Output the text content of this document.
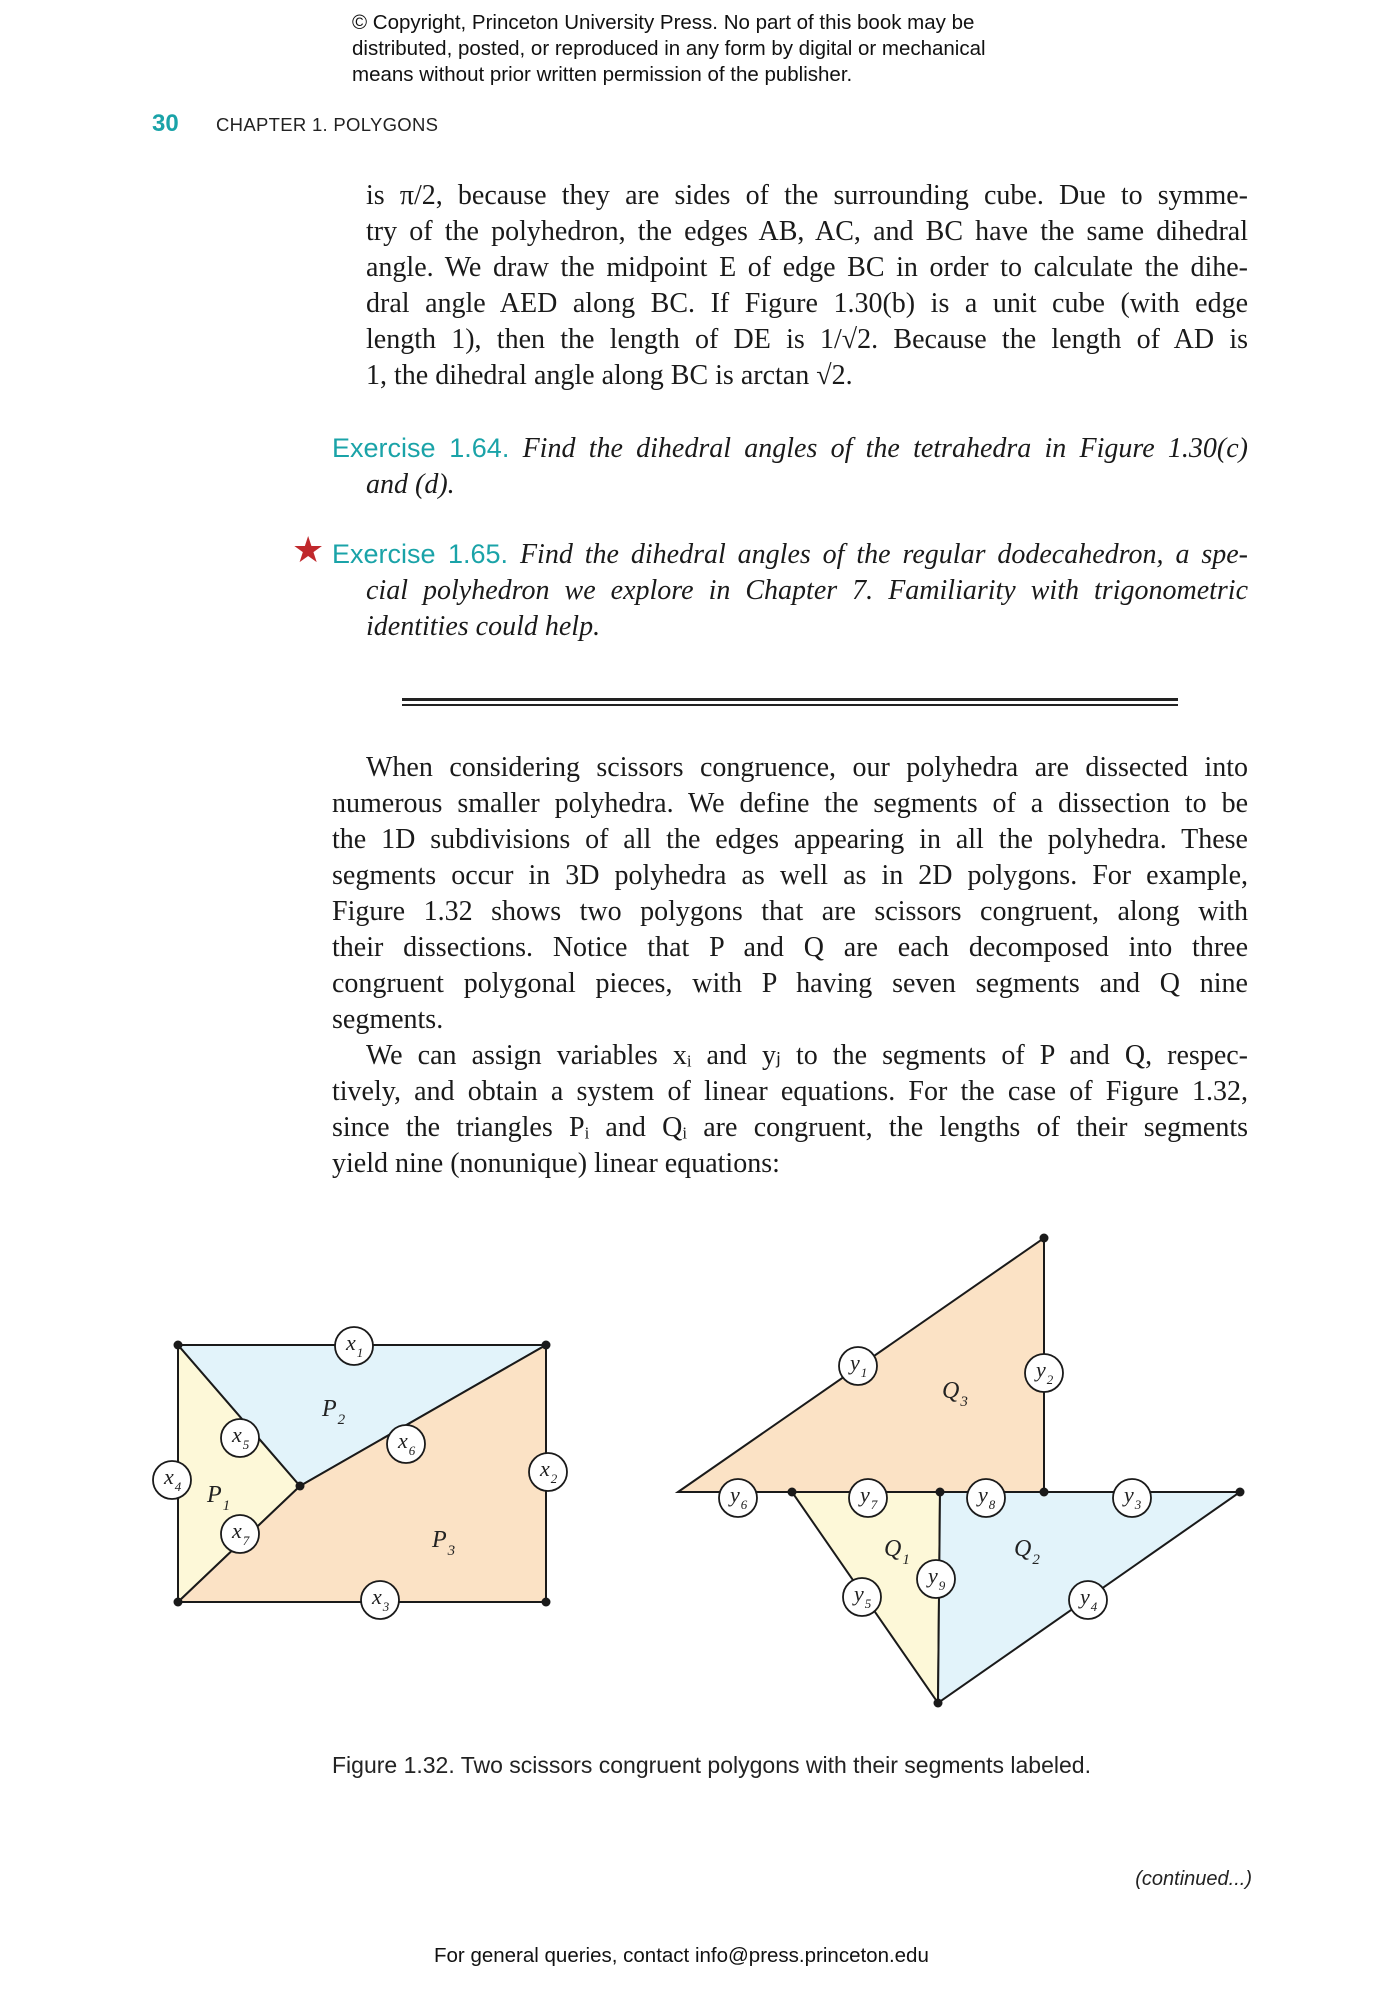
© Copyright, Princeton University Press. No part of this book may be
distributed, posted, or reproduced in any form by digital or mechanical
means without prior written permission of the publisher.
30 CHAPTER 1. POLYGONS
is π/2, because they are sides of the surrounding cube. Due to symme-
try of the polyhedron, the edges AB, AC, and BC have the same dihedral
angle. We draw the midpoint E of edge BC in order to calculate the dihe-
dral angle AED along BC. If Figure 1.30(b) is a unit cube (with edge
length 1), then the length of DE is 1/√2. Because the length of AD is
1, the dihedral angle along BC is arctan √2.
Exercise 1.64. Find the dihedral angles of the tetrahedra in Figure 1.30(c)
and (d).
★ Exercise 1.65. Find the dihedral angles of the regular dodecahedron, a spe-
cial polyhedron we explore in Chapter 7. Familiarity with trigonometric
identities could help.
When considering scissors congruence, our polyhedra are dissected into
numerous smaller polyhedra. We define the segments of a dissection to be
the 1D subdivisions of all the edges appearing in all the polyhedra. These
segments occur in 3D polyhedra as well as in 2D polygons. For example,
Figure 1.32 shows two polygons that are scissors congruent, along with
their dissections. Notice that P and Q are each decomposed into three
congruent polygonal pieces, with P having seven segments and Q nine
segments.
We can assign variables xᵢ and yⱼ to the segments of P and Q, respec-
tively, and obtain a system of linear equations. For the case of Figure 1.32,
since the triangles Pᵢ and Qᵢ are congruent, the lengths of their segments
yield nine (nonunique) linear equations:
$P_2$
$P_1$
$P_3$
$Q_3$
$Q_1$	$Q_2$
$x_1$
$x_2$
$x_3$
$x_4$
$x_5$	$x_6$
$x_7$
$y_1$	$y_2$
$y_3$
$y_4$
$y_5$
$y_6$	$y_7$	$y_8$
$y_9$
Figure 1.32. Two scissors congruent polygons with their segments labeled.
(continued...)
For general queries, contact info@press.princeton.edu
